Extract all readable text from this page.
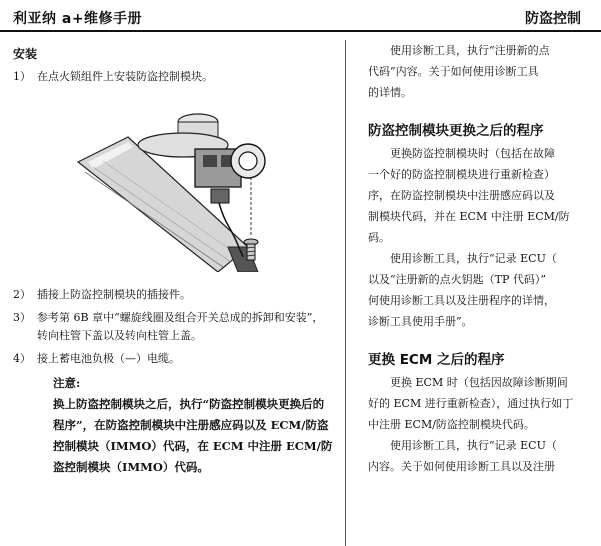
利亚纳 a+维修手册	防盗控制
安装
1） 在点火锁组件上安装防盗控制模块。
2） 插接上防盗控制模块的插接件。
3） 参考第 6B 章中“螺旋线圈及组合开关总成的拆卸和安装”，转向柱管下盖以及转向柱管上盖。
4） 接上蓄电池负极（—）电缆。
注意:
换上防盗控制模块之后，执行“防盗控制模块更换后的程序”，在防盗控制模块中注册感应码以及 ECM/防盗控制模块（IMMO）代码，在 ECM 中注册 ECM/防盗控制模块（IMMO）代码。

使用诊断工具，执行“注册新的点

代码”内容。关于如何使用诊断工具

的详情。

防盗控制模块更换之后的程序

更换防盗控制模块时（包括在故障

一个好的防盗控制模块进行重新检查）

序，在防盗控制模块中注册感应码以及

制模块代码，并在 ECM 中注册 ECM/防

码。

使用诊断工具，执行“记录 ECU（

以及“注册新的点火钥匙（TP 代码）”

何使用诊断工具以及注册程序的详情，

诊断工具使用手册”。

更换 ECM 之后的程序

更换 ECM 时（包括因故障诊断期间

好的 ECM 进行重新检查），通过执行如丁

中注册 ECM/防盗控制模块代码。

使用诊断工具，执行“记录 ECU（

内容。关于如何使用诊断工具以及注册
